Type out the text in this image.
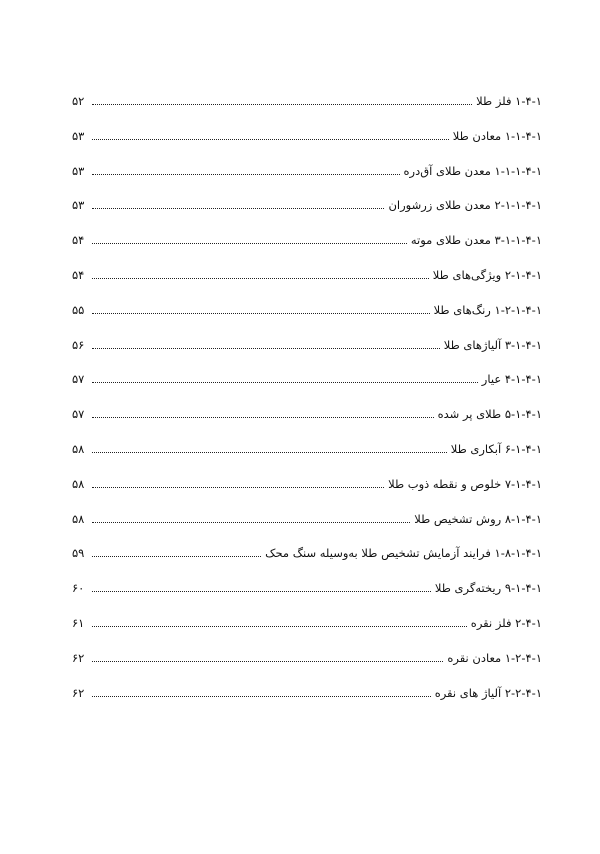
۱-۴-۱ فلز طلا
۵۲
۱-۱-۴-۱ معادن طلا
۵۳
۱-۱-۱-۴-۱ معدن طلای آق‌دره
۵۳
۲-۱-۱-۴-۱ معدن طلای زرشوران
۵۳
۳-۱-۱-۴-۱ معدن طلای موته
۵۴
۲-۱-۴-۱ ویژگی‌های طلا
۵۴
۱-۲-۱-۴-۱ رنگ‌های طلا
۵۵
۳-۱-۴-۱ آلیاژهای طلا
۵۶
۴-۱-۴-۱ عیار
۵۷
۵-۱-۴-۱ طلای پر شده
۵۷
۶-۱-۴-۱ آبکاری طلا
۵۸
۷-۱-۴-۱ خلوص و نقطه ذوب طلا
۵۸
۸-۱-۴-۱ روش تشخیص طلا
۵۸
۱-۸-۱-۴-۱ فرایند آزمایش تشخیص طلا به‌وسیله سنگ محک
۵۹
۹-۱-۴-۱ ریخته‌گری طلا
۶۰
۲-۴-۱ فلز نقره
۶۱
۱-۲-۴-۱ معادن نقره
۶۲
۲-۲-۴-۱ آلیاژ های نقره
۶۲
